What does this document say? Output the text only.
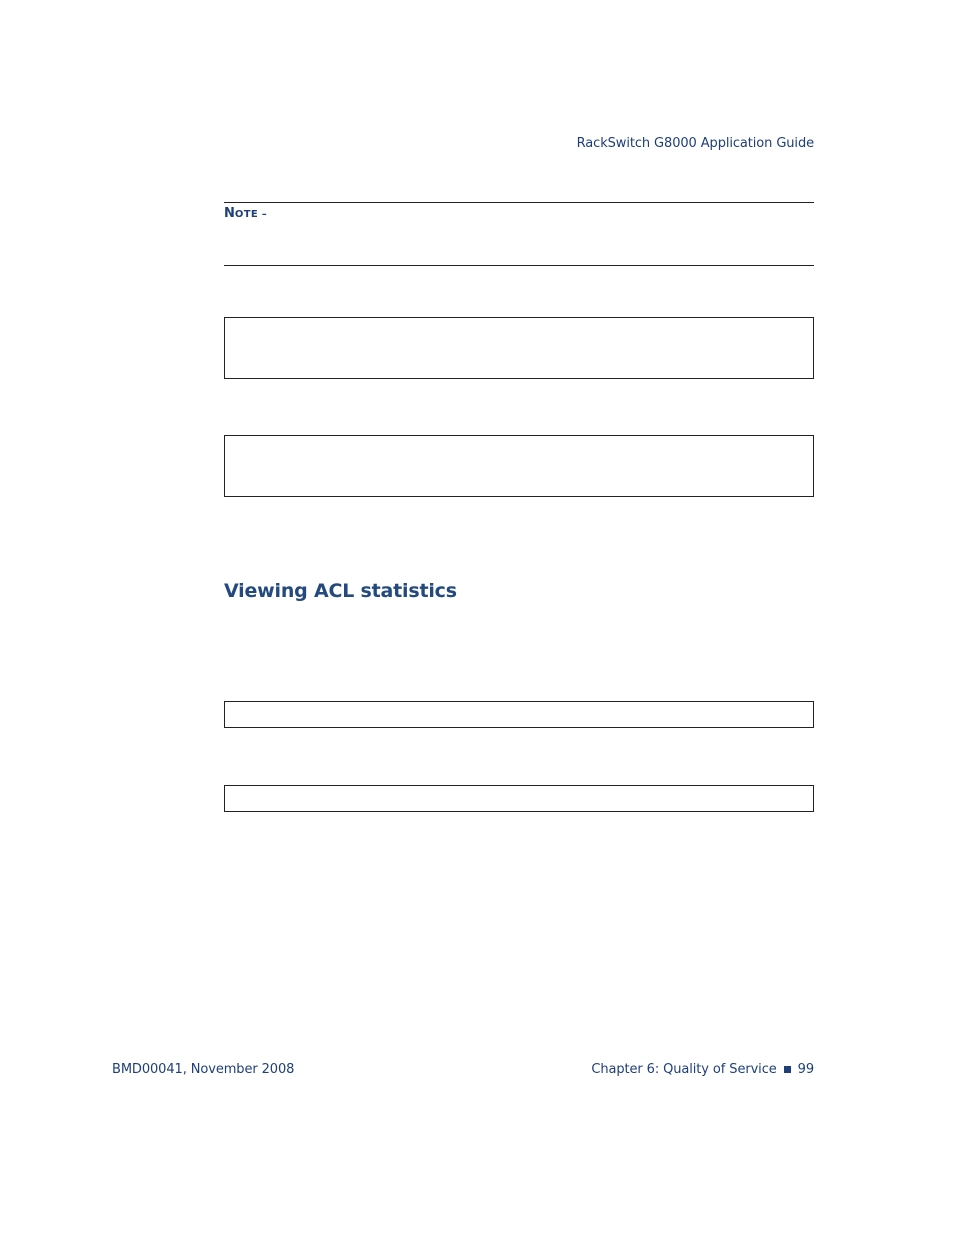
RackSwitch G8000 Application Guide
NOTE –
Viewing ACL statistics
BMD00041, November 2008	Chapter 6: Quality of Service 99
